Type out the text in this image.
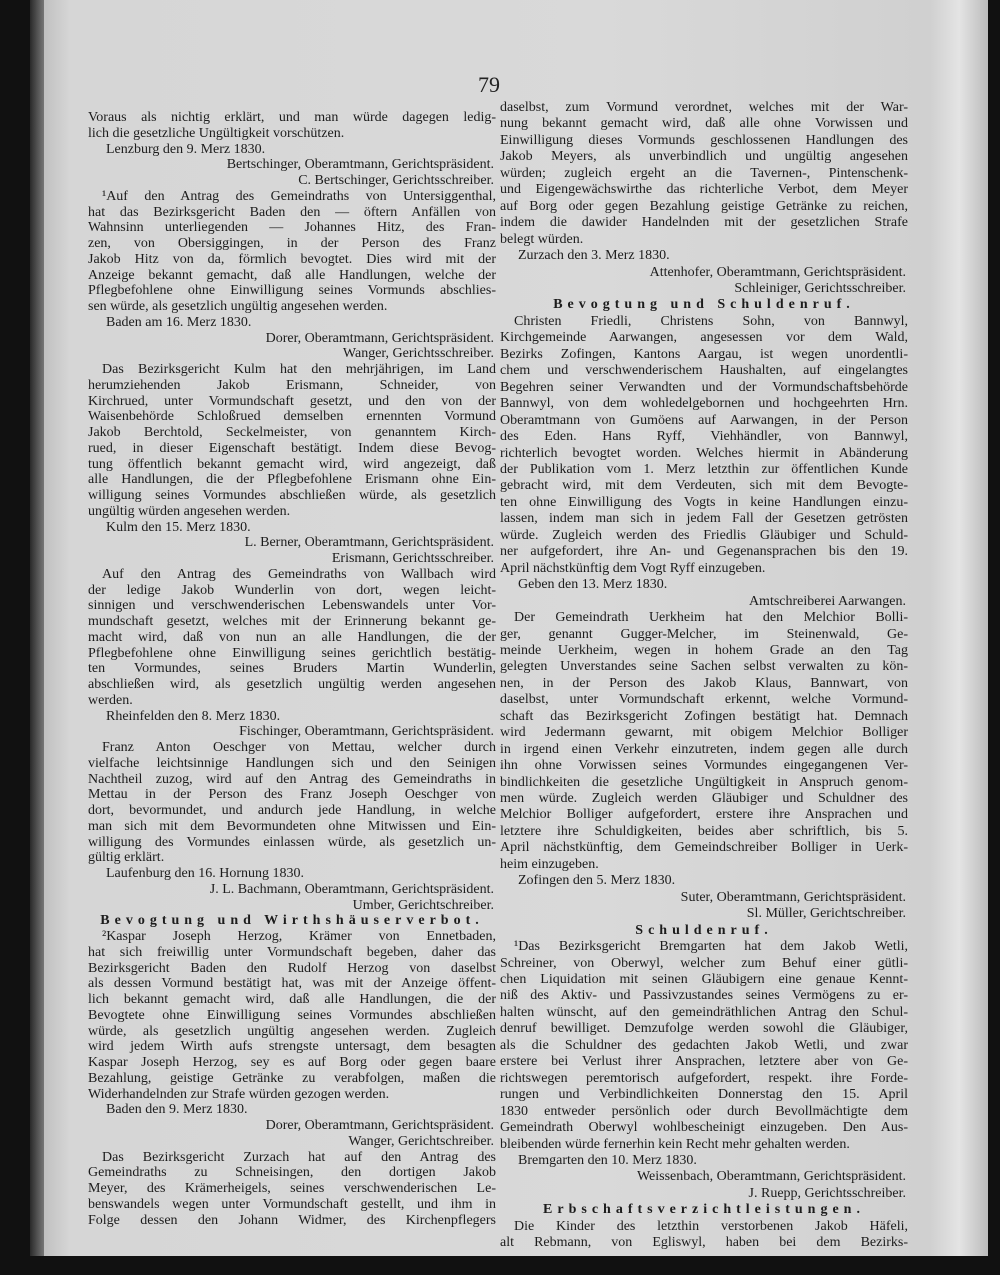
79
Voraus als nichtig erklärt, und man würde dagegen ledig-
lich die gesetzliche Ungültigkeit vorschützen.
Lenzburg den 9. Merz 1830.
Bertschinger, Oberamtmann, Gerichtspräsident.
C. Bertschinger, Gerichtsschreiber.
¹Auf den Antrag des Gemeindraths von Untersiggenthal,
hat das Bezirksgericht Baden den — öftern Anfällen von
Wahnsinn unterliegenden — Johannes Hitz, des Fran-
zen, von Obersiggingen, in der Person des Franz
Jakob Hitz von da, förmlich bevogtet. Dies wird mit der
Anzeige bekannt gemacht, daß alle Handlungen, welche der
Pflegbefohlene ohne Einwilligung seines Vormunds abschlies-
sen würde, als gesetzlich ungültig angesehen werden.
Baden am 16. Merz 1830.
Dorer, Oberamtmann, Gerichtspräsident.
Wanger, Gerichtsschreiber.
Das Bezirksgericht Kulm hat den mehrjährigen, im Land
herumziehenden Jakob Erismann, Schneider, von
Kirchrued, unter Vormundschaft gesetzt, und den von der
Waisenbehörde Schloßrued demselben ernennten Vormund
Jakob Berchtold, Seckelmeister, von genanntem Kirch-
rued, in dieser Eigenschaft bestätigt. Indem diese Bevog-
tung öffentlich bekannt gemacht wird, wird angezeigt, daß
alle Handlungen, die der Pflegbefohlene Erismann ohne Ein-
willigung seines Vormundes abschließen würde, als gesetzlich
ungültig würden angesehen werden.
Kulm den 15. Merz 1830.
L. Berner, Oberamtmann, Gerichtspräsident.
Erismann, Gerichtsschreiber.
Auf den Antrag des Gemeindraths von Wallbach wird
der ledige Jakob Wunderlin von dort, wegen leicht-
sinnigen und verschwenderischen Lebenswandels unter Vor-
mundschaft gesetzt, welches mit der Erinnerung bekannt ge-
macht wird, daß von nun an alle Handlungen, die der
Pflegbefohlene ohne Einwilligung seines gerichtlich bestätig-
ten Vormundes, seines Bruders Martin Wunderlin,
abschließen wird, als gesetzlich ungültig werden angesehen
werden.
Rheinfelden den 8. Merz 1830.
Fischinger, Oberamtmann, Gerichtspräsident.
Franz Anton Oeschger von Mettau, welcher durch
vielfache leichtsinnige Handlungen sich und den Seinigen
Nachtheil zuzog, wird auf den Antrag des Gemeindraths in
Mettau in der Person des Franz Joseph Oeschger von
dort, bevormundet, und andurch jede Handlung, in welche
man sich mit dem Bevormundeten ohne Mitwissen und Ein-
willigung des Vormundes einlassen würde, als gesetzlich un-
gültig erklärt.
Laufenburg den 16. Hornung 1830.
J. L. Bachmann, Oberamtmann, Gerichtspräsident.
Umber, Gerichtschreiber.
Bevogtung und Wirthshäuserverbot.
²Kaspar Joseph Herzog, Krämer von Ennetbaden,
hat sich freiwillig unter Vormundschaft begeben, daher das
Bezirksgericht Baden den Rudolf Herzog von daselbst
als dessen Vormund bestätigt hat, was mit der Anzeige öffent-
lich bekannt gemacht wird, daß alle Handlungen, die der
Bevogtete ohne Einwilligung seines Vormundes abschließen
würde, als gesetzlich ungültig angesehen werden. Zugleich
wird jedem Wirth aufs strengste untersagt, dem besagten
Kaspar Joseph Herzog, sey es auf Borg oder gegen baare
Bezahlung, geistige Getränke zu verabfolgen, maßen die
Widerhandelnden zur Strafe würden gezogen werden.
Baden den 9. Merz 1830.
Dorer, Oberamtmann, Gerichtspräsident.
Wanger, Gerichtschreiber.
Das Bezirksgericht Zurzach hat auf den Antrag des
Gemeindraths zu Schneisingen, den dortigen Jakob
Meyer, des Krämerheigels, seines verschwenderischen Le-
benswandels wegen unter Vormundschaft gestellt, und ihm in
Folge dessen den Johann Widmer, des Kirchenpflegers
daselbst, zum Vormund verordnet, welches mit der War-
nung bekannt gemacht wird, daß alle ohne Vorwissen und
Einwilligung dieses Vormunds geschlossenen Handlungen des
Jakob Meyers, als unverbindlich und ungültig angesehen
würden; zugleich ergeht an die Tavernen-, Pintenschenk-
und Eigengewächswirthe das richterliche Verbot, dem Meyer
auf Borg oder gegen Bezahlung geistige Getränke zu reichen,
indem die dawider Handelnden mit der gesetzlichen Strafe
belegt würden.
Zurzach den 3. Merz 1830.
Attenhofer, Oberamtmann, Gerichtspräsident.
Schleiniger, Gerichtsschreiber.
Bevogtung und Schuldenruf.
Christen Friedli, Christens Sohn, von Bannwyl,
Kirchgemeinde Aarwangen, angesessen vor dem Wald,
Bezirks Zofingen, Kantons Aargau, ist wegen unordentli-
chem und verschwenderischem Haushalten, auf eingelangtes
Begehren seiner Verwandten und der Vormundschaftsbehörde
Bannwyl, von dem wohledelgebornen und hochgeehrten Hrn.
Oberamtmann von Gumöens auf Aarwangen, in der Person
des Eden. Hans Ryff, Viehhändler, von Bannwyl,
richterlich bevogtet worden. Welches hiermit in Abänderung
der Publikation vom 1. Merz letzthin zur öffentlichen Kunde
gebracht wird, mit dem Verdeuten, sich mit dem Bevogte-
ten ohne Einwilligung des Vogts in keine Handlungen einzu-
lassen, indem man sich in jedem Fall der Gesetzen getrösten
würde. Zugleich werden des Friedlis Gläubiger und Schuld-
ner aufgefordert, ihre An- und Gegenansprachen bis den 19.
April nächstkünftig dem Vogt Ryff einzugeben.
Geben den 13. Merz 1830.
Amtschreiberei Aarwangen.
Der Gemeindrath Uerkheim hat den Melchior Bolli-
ger, genannt Gugger-Melcher, im Steinenwald, Ge-
meinde Uerkheim, wegen in hohem Grade an den Tag
gelegten Unverstandes seine Sachen selbst verwalten zu kön-
nen, in der Person des Jakob Klaus, Bannwart, von
daselbst, unter Vormundschaft erkennt, welche Vormund-
schaft das Bezirksgericht Zofingen bestätigt hat. Demnach
wird Jedermann gewarnt, mit obigem Melchior Bolliger
in irgend einen Verkehr einzutreten, indem gegen alle durch
ihn ohne Vorwissen seines Vormundes eingegangenen Ver-
bindlichkeiten die gesetzliche Ungültigkeit in Anspruch genom-
men würde. Zugleich werden Gläubiger und Schuldner des
Melchior Bolliger aufgefordert, erstere ihre Ansprachen und
letztere ihre Schuldigkeiten, beides aber schriftlich, bis 5.
April nächstkünftig, dem Gemeindschreiber Bolliger in Uerk-
heim einzugeben.
Zofingen den 5. Merz 1830.
Suter, Oberamtmann, Gerichtspräsident.
Sl. Müller, Gerichtschreiber.
Schuldenruf.
¹Das Bezirksgericht Bremgarten hat dem Jakob Wetli,
Schreiner, von Oberwyl, welcher zum Behuf einer gütli-
chen Liquidation mit seinen Gläubigern eine genaue Kennt-
niß des Aktiv- und Passivzustandes seines Vermögens zu er-
halten wünscht, auf den gemeindräthlichen Antrag den Schul-
denruf bewilliget. Demzufolge werden sowohl die Gläubiger,
als die Schuldner des gedachten Jakob Wetli, und zwar
erstere bei Verlust ihrer Ansprachen, letztere aber von Ge-
richtswegen peremtorisch aufgefordert, respekt. ihre Forde-
rungen und Verbindlichkeiten Donnerstag den 15. April
1830 entweder persönlich oder durch Bevollmächtigte dem
Gemeindrath Oberwyl wohlbescheinigt einzugeben. Den Aus-
bleibenden würde fernerhin kein Recht mehr gehalten werden.
Bremgarten den 10. Merz 1830.
Weissenbach, Oberamtmann, Gerichtspräsident.
J. Ruepp, Gerichtsschreiber.
Erbschaftsverzichtleistungen.
Die Kinder des letzthin verstorbenen Jakob Häfeli,
alt Rebmann, von Egliswyl, haben bei dem Bezirks-
